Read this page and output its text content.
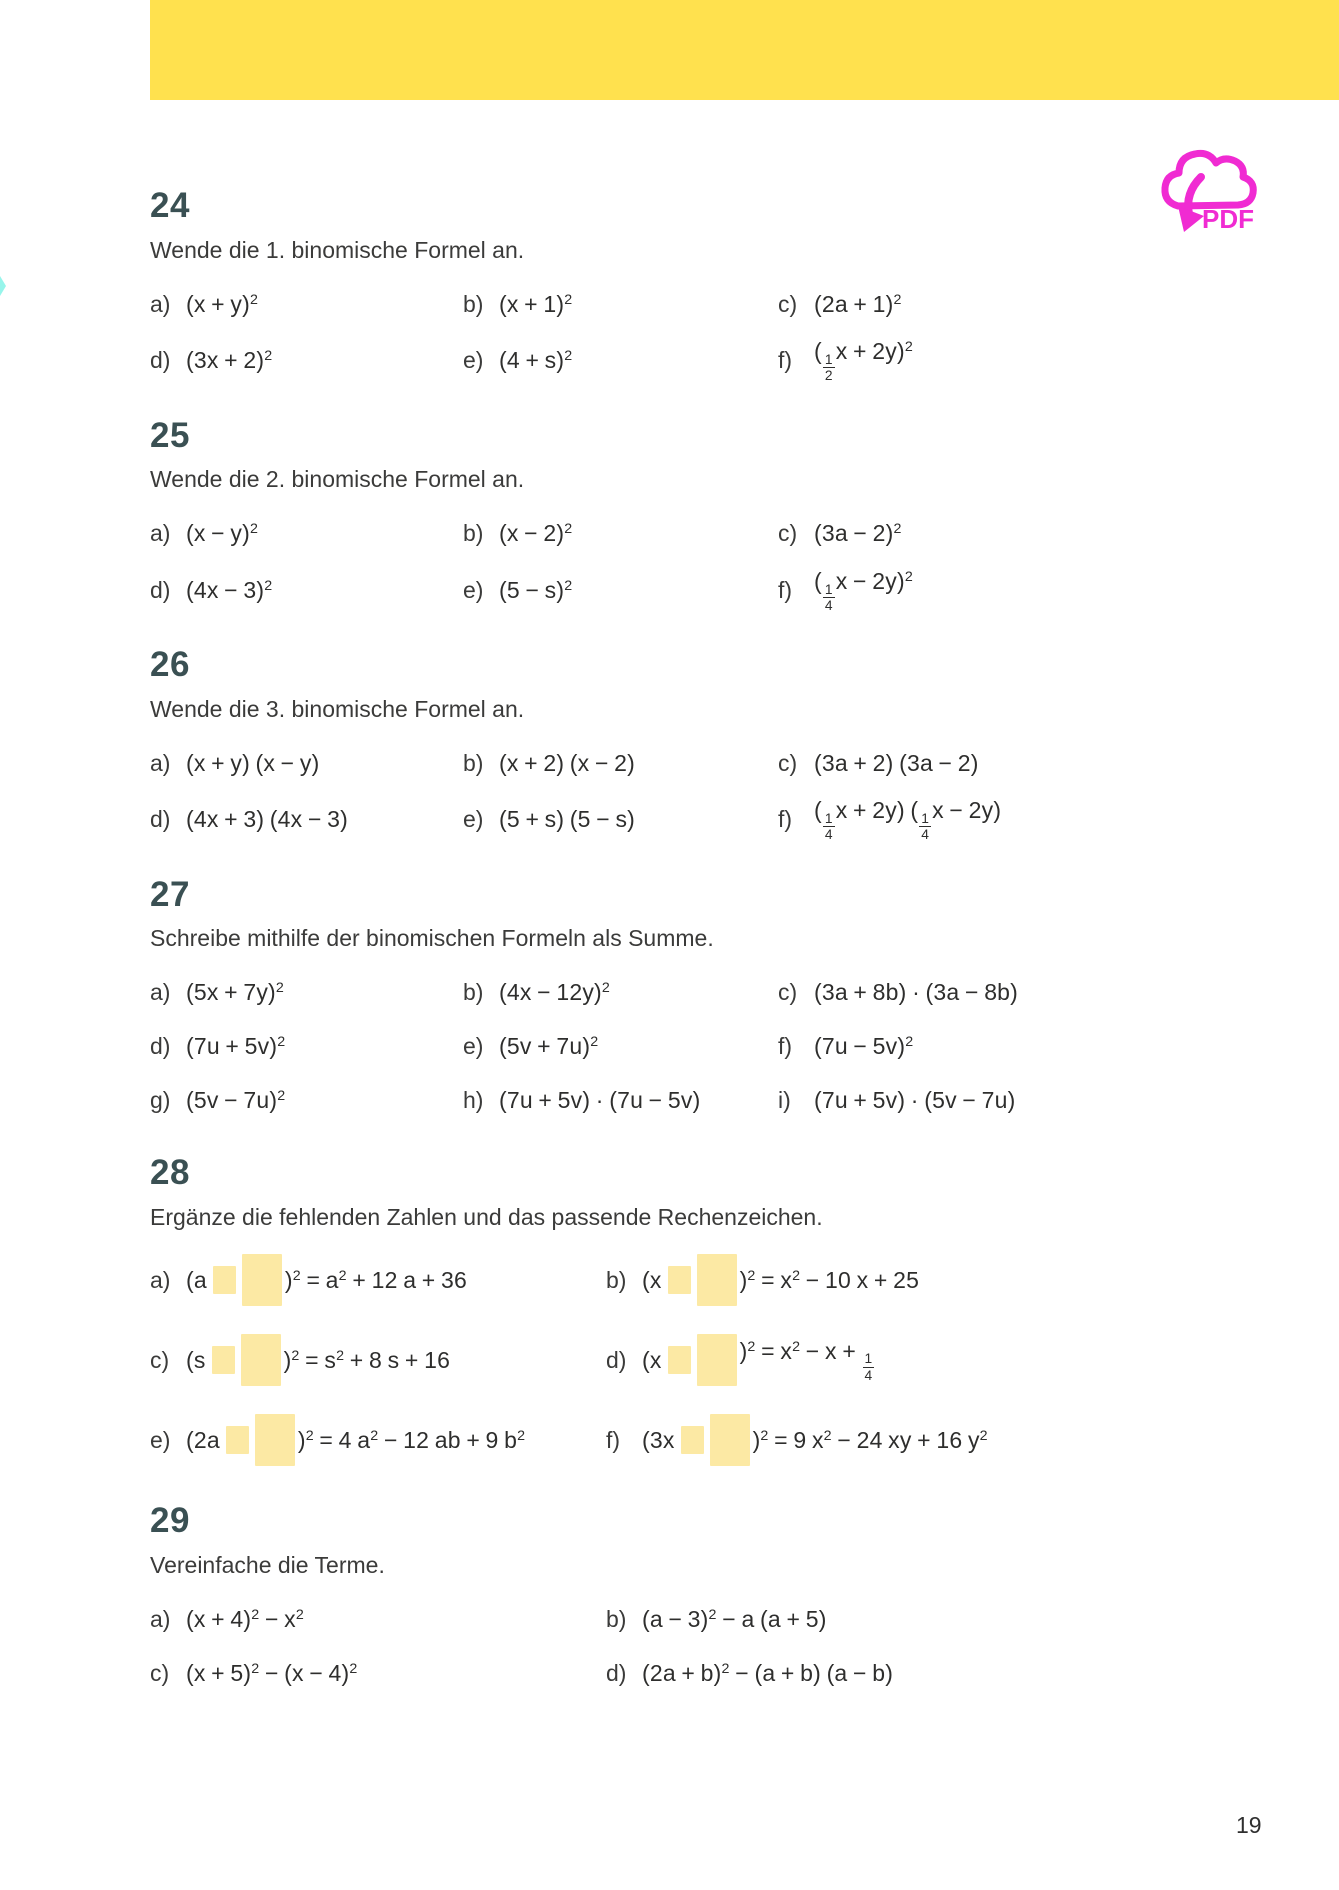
PDF
24

Wende die 1. binomische Formel an.

a) $(x + y)^2$	b) $(x + 1)^2$	c) $(2a + 1)^2$
d) $(3x + 2)^2$	e) $(4 + s)^2$	f) (
$\frac{1}{2}$
x + 2y)$^2$
25

Wende die 2. binomische Formel an.

a) $(x - y)^2$	b) $(x - 2)^2$	c) $(3a - 2)^2$
d) $(4x - 3)^2$	e) $(5 - s)^2$	f) (
$\frac{1}{4}$
x − 2y)$^2$
26

Wende die 3. binomische Formel an.

a) (x + y) (x − y)	b) (x + 2) (x − 2)	c) (3a + 2) (3a − 2)
d) (4x + 3) (4x − 3)	e) (5 + s) (5 − s)	f) (
$\frac{1}{4}$
x + 2y) (
$\frac{1}{4}$
x − 2y)
27

Schreibe mithilfe der binomischen Formeln als Summe.

a) $(5x + 7y)^2$	b) $(4x - 12y)^2$	c) (3a + 8b) · (3a − 8b)
d) $(7u + 5v)^2$	e) $(5v + 7u)^2$	f) $(7u - 5v)^2$
g) $(5v - 7u)^2$	h) (7u + 5v) · (7u − 5v)	i)	(7u + 5v) · (5v − 7u)
28

Ergänze die fehlenden Zahlen und das passende Rechenzeichen.

a) (a	)$^2 = a^2 + 12$ a + 36	b) (x	)$^2 = x^2 - 10$ x + 25
c) (s	)$^2 = s^2 + 8$ s + 16	d) (x	)$^2 = x^2 - x$ +
$\frac{1}{4}$
e) (2a	)$^2$ = 4 $a^2 - 12$ ab + 9 $b^2$	f) (3x	)$^2$ = 9 $x^2 - 24$ xy + 16 $y^2$
29

Vereinfache die Terme.

a) $(x + 4)^2 - x^2$	b) $(a - 3)^2 - a$ (a + 5)
c) $(x + 5)^2 - (x - 4)^2$	d) $(2a + b)^2 - (a + b)$ (a − b)
19
